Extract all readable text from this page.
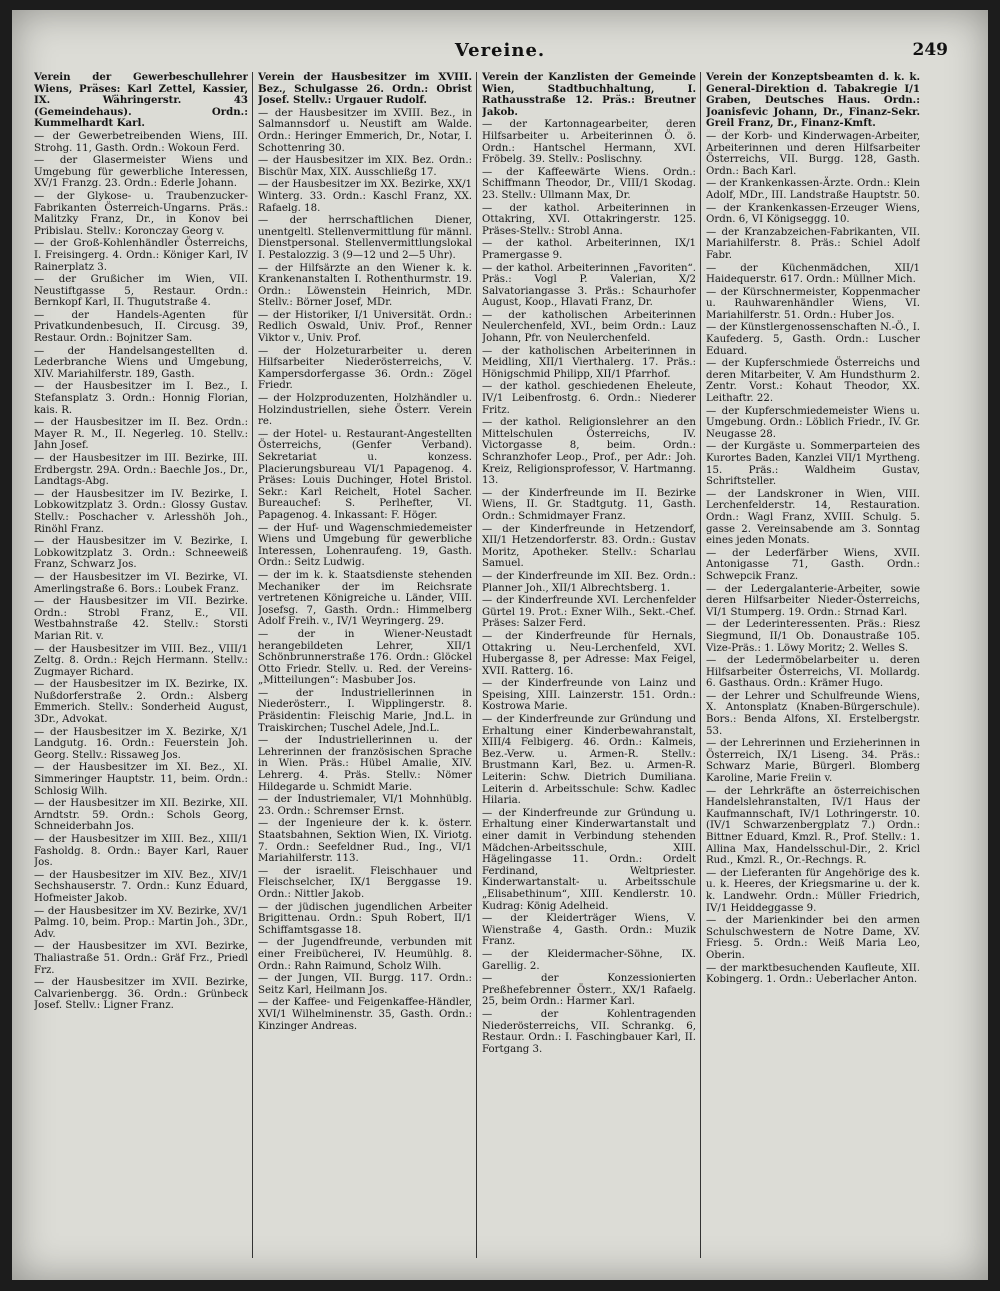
Vereine.	249
Verein der Gewerbeschullehrer Wiens, Präses: Karl Zettel, Kassier, IX. Währingerstr. 43 (Gemeindehaus). Ordn.: Kummelhardt Karl.
— der Gewerbetreibenden Wiens, III. Strohg. 11, Gasth. Ordn.: Wokoun Ferd.
— der Glasermeister Wiens und Umgebung für gewerbliche Interessen, XV/1 Franzg. 23. Ordn.: Ederle Johann.
— der Glykose- u. Traubenzucker-Fabrikanten Österreich-Ungarns. Präs.: Malitzky Franz, Dr., in Konov bei Pribislau. Stellv.: Koronczay Georg v.
— der Groß-Kohlenhändler Österreichs, I. Freisingerg. 4. Ordn.: Königer Karl, IV Rainerplatz 3.
— der Grußicher im Wien, VII. Neustiftgasse 5, Restaur. Ordn.: Bernkopf Karl, II. Thugutstraße 4.
— der Handels-Agenten für Privatkundenbesuch, II. Circusg. 39, Restaur. Ordn.: Bojnitzer Sam.
— der Handelsangestellten d. Lederbranche Wiens und Umgebung, XIV. Mariahilferstr. 189, Gasth.
— der Hausbesitzer im I. Bez., I. Stefansplatz 3. Ordn.: Honnig Florian, kais. R.
— der Hausbesitzer im II. Bez. Ordn.: Mayer R. M., II. Negerleg. 10. Stellv.: Jahn Josef.
— der Hausbesitzer im III. Bezirke, III. Erdbergstr. 29A. Ordn.: Baechle Jos., Dr., Landtags-Abg.
— der Hausbesitzer im IV. Bezirke, I. Lobkowitzplatz 3. Ordn.: Glossy Gustav. Stellv.: Poschacher v. Arlesshöh Joh., Rinöhl Franz.
— der Hausbesitzer im V. Bezirke, I. Lobkowitzplatz 3. Ordn.: Schneeweiß Franz, Schwarz Jos.
— der Hausbesitzer im VI. Bezirke, VI. Amerlingstraße 6. Bors.: Loubek Franz.
— der Hausbesitzer im VII. Bezirke. Ordn.: Strobl Franz, E., VII. Westbahnstraße 42. Stellv.: Storsti Marian Rit. v.
— der Hausbesitzer im VIII. Bez., VIII/1 Zeltg. 8. Ordn.: Rejch Hermann. Stellv.: Zugmayer Richard.
— der Hausbesitzer im IX. Bezirke, IX. Nußdorferstraße 2. Ordn.: Alsberg Emmerich. Stellv.: Sonderheid August, 3Dr., Advokat.
— der Hausbesitzer im X. Bezirke, X/1 Landgutg. 16. Ordn.: Feuerstein Joh. Georg. Stellv.: Rissaweg Jos.
— der Hausbesitzer im XI. Bez., XI. Simmeringer Hauptstr. 11, beim. Ordn.: Schlosig Wilh.
— der Hausbesitzer im XII. Bezirke, XII. Arndtstr. 59. Ordn.: Schols Georg, Schneiderbahn Jos.
— der Hausbesitzer im XIII. Bez., XIII/1 Fasholdg. 8. Ordn.: Bayer Karl, Rauer Jos.
— der Hausbesitzer im XIV. Bez., XIV/1 Sechshauserstr. 7. Ordn.: Kunz Eduard, Hofmeister Jakob.
— der Hausbesitzer im XV. Bezirke, XV/1 Palmg. 10, beim. Prop.: Martin Joh., 3Dr., Adv.
— der Hausbesitzer im XVI. Bezirke, Thaliastraße 51. Ordn.: Gräf Frz., Priedl Frz.
— der Hausbesitzer im XVII. Bezirke, Calvarienbergg. 36. Ordn.: Grünbeck Josef. Stellv.: Ligner Franz.
Verein der Hausbesitzer im XVIII. Bez., Schulgasse 26. Ordn.: Obrist Josef. Stellv.: Urgauer Rudolf.
— der Hausbesitzer im XVIII. Bez., in Salmannsdorf u. Neustift am Walde. Ordn.: Heringer Emmerich, Dr., Notar, I. Schottenring 30.
— der Hausbesitzer im XIX. Bez. Ordn.: Bischür Max, XIX. Ausschließg 17.
— der Hausbesitzer im XX. Bezirke, XX/1 Winterg. 33. Ordn.: Kaschl Franz, XX. Rafaelg. 18.
— der herrschaftlichen Diener, unentgeltl. Stellenvermittlung für männl. Dienstpersonal. Stellenvermittlungslokal I. Pestalozzig. 3 (9—12 und 2—5 Uhr).
— der Hilfsärzte an den Wiener k. k. Krankenanstalten I. Rothenthurmstr. 19. Ordn.: Löwenstein Heinrich, MDr. Stellv.: Börner Josef, MDr.
— der Historiker, I/1 Universität. Ordn.: Redlich Oswald, Univ. Prof., Renner Viktor v., Univ. Prof.
— der Holzeturarbeiter u. deren Hilfsarbeiter Niederösterreichs, V. Kampersdorfergasse 36. Ordn.: Zögel Friedr.
— der Holzproduzenten, Holzhändler u. Holzindustriellen, siehe Österr. Verein re.
— der Hotel- u. Restaurant-Angestellten Österreichs, (Genfer Verband). Sekretariat u. konzess. Placierungsbureau VI/1 Papagenog. 4. Präses: Louis Duchinger, Hotel Bristol. Sekr.: Karl Reichelt, Hotel Sacher. Bureauchef: S. Perlhefter, VI. Papagenog. 4. Inkassant: F. Höger.
— der Huf- und Wagenschmiedemeister Wiens und Umgebung für gewerbliche Interessen, Lohenraufeng. 19, Gasth. Ordn.: Seitz Ludwig.
— der im k. k. Staatsdienste stehenden Mechaniker der im Reichsrate vertretenen Königreiche u. Länder, VIII. Josefsg. 7, Gasth. Ordn.: Himmelberg Adolf Freih. v., IV/1 Weyringerg. 29.
— der in Wiener-Neustadt herangebildeten Lehrer, XII/1 Schönbrunnerstraße 176. Ordn.: Glöckel Otto Friedr. Stellv. u. Red. der Vereins-„Mitteilungen“: Masbuber Jos.
— der Industriellerinnen in Niederösterr., I. Wipplingerstr. 8. Präsidentin: Fleischig Marie, Jnd.L. in Traiskirchen; Tuschel Adele, Jnd.L.
— der Industriellerinnen u. der Lehrerinnen der französischen Sprache in Wien. Präs.: Hübel Amalie, XIV. Lehrerg. 4. Präs. Stellv.: Nömer Hildegarde u. Schmidt Marie.
— der Industriemaler, VI/1 Mohnhüblg. 23. Ordn.: Schremser Ernst.
— der Ingenieure der k. k. österr. Staatsbahnen, Sektion Wien, IX. Viriotg. 7. Ordn.: Seefeldner Rud., Ing., VI/1 Mariahilferstr. 113.
— der israelit. Fleischhauer und Fleischselcher, IX/1 Berggasse 19. Ordn.: Nittler Jakob.
— der jüdischen jugendlichen Arbeiter Brigittenau. Ordn.: Spuh Robert, II/1 Schiffamtsgasse 18.
— der Jugendfreunde, verbunden mit einer Freibücherei, IV. Heumühlg. 8. Ordn.: Rahn Raimund, Scholz Wilh.
— der Jungen, VII. Burgg. 117. Ordn.: Seitz Karl, Heilmann Jos.
— der Kaffee- und Feigenkaffee-Händler, XVI/1 Wilhelminenstr. 35, Gasth. Ordn.: Kinzinger Andreas.
Verein der Kanzlisten der Gemeinde Wien, Stadtbuchhaltung, I. Rathausstraße 12. Präs.: Breutner Jakob.
— der Kartonnagearbeiter, deren Hilfsarbeiter u. Arbeiterinnen Ö. ö. Ordn.: Hantschel Hermann, XVI. Fröbelg. 39. Stellv.: Poslischny.
— der Kaffeewärte Wiens. Ordn.: Schiffmann Theodor, Dr., VIII/1 Skodag. 23. Stellv.: Ullmann Max, Dr.
— der kathol. Arbeiterinnen in Ottakring, XVI. Ottakringerstr. 125. Präses-Stellv.: Strobl Anna.
— der kathol. Arbeiterinnen, IX/1 Pramergasse 9.
— der kathol. Arbeiterinnen „Favoriten“. Präs.: Vogl P. Valerian, X/2 Salvatoriangasse 3. Präs.: Schaurhofer August, Koop., Hlavati Franz, Dr.
— der katholischen Arbeiterinnen Neulerchenfeld, XVI., beim Ordn.: Lauz Johann, Pfr. von Neulerchenfeld.
— der katholischen Arbeiterinnen in Meidling, XII/1 Vierthalerg. 17. Präs.: Hönigschmid Philipp, XII/1 Pfarrhof.
— der kathol. geschiedenen Eheleute, IV/1 Leibenfrostg. 6. Ordn.: Niederer Fritz.
— der kathol. Religionslehrer an den Mittelschulen Österreichs, IV. Victorgasse 8, beim. Ordn.: Schranzhofer Leop., Prof., per Adr.: Joh. Kreiz, Religionsprofessor, V. Hartmanng. 13.
— der Kinderfreunde im II. Bezirke Wiens, II. Gr. Stadtgutg. 11, Gasth. Ordn.: Schmidmayer Franz.
— der Kinderfreunde in Hetzendorf, XII/1 Hetzendorferstr. 83. Ordn.: Gustav Moritz, Apotheker. Stellv.: Scharlau Samuel.
— der Kinderfreunde im XII. Bez. Ordn.: Planner Joh., XII/1 Albrechtsberg. 1.
— der Kinderfreunde XVI. Lerchenfelder Gürtel 19. Prot.: Exner Wilh., Sekt.-Chef. Präses: Salzer Ferd.
— der Kinderfreunde für Hernals, Ottakring u. Neu-Lerchenfeld, XVI. Hubergasse 8, per Adresse: Max Feigel, XVII. Ratterg. 16.
— der Kinderfreunde von Lainz und Speising, XIII. Lainzerstr. 151. Ordn.: Kostrowa Marie.
— der Kinderfreunde zur Gründung und Erhaltung einer Kinderbewahranstalt, XIII/4 Felbigerg. 46. Ordn.: Kalmeis, Bez.-Verw. u. Armen-R. Stellv.: Brustmann Karl, Bez. u. Armen-R. Leiterin: Schw. Dietrich Dumiliana. Leiterin d. Arbeitsschule: Schw. Kadlec Hilaria.
— der Kinderfreunde zur Gründung u. Erhaltung einer Kinderwartanstalt und einer damit in Verbindung stehenden Mädchen-Arbeitsschule, XIII. Hägelingasse 11. Ordn.: Ordelt Ferdinand, Weltpriester. Kinderwartanstalt- u. Arbeitsschule „Elisabethinum“, XIII. Kendlerstr. 10. Kudrag: König Adelheid.
— der Kleiderträger Wiens, V. Wienstraße 4, Gasth. Ordn.: Muzik Franz.
— der Kleidermacher-Söhne, IX. Garellig. 2.
— der Konzessionierten Preßhefebrenner Österr., XX/1 Rafaelg. 25, beim Ordn.: Harmer Karl.
— der Kohlentragenden Niederösterreichs, VII. Schrankg. 6, Restaur. Ordn.: I. Faschingbauer Karl, II. Fortgang 3.
Verein der Konzeptsbeamten d. k. k. General-Direktion d. Tabakregie I/1 Graben, Deutsches Haus. Ordn.: Joanisfevic Johann, Dr., Finanz-Sekr. Greil Franz, Dr., Finanz-Kmft.
— der Korb- und Kinderwagen-Arbeiter, Arbeiterinnen und deren Hilfsarbeiter Österreichs, VII. Burgg. 128, Gasth. Ordn.: Bach Karl.
— der Krankenkassen-Ärzte. Ordn.: Klein Adolf, MDr., III. Landstraße Hauptstr. 50.
— der Krankenkassen-Erzeuger Wiens, Ordn. 6, VI Königseggg. 10.
— der Kranzabzeichen-Fabrikanten, VII. Mariahilferstr. 8. Präs.: Schiel Adolf Fabr.
— der Küchenmädchen, XII/1 Haidequerstr. 617. Ordn.: Müllner Mich.
— der Kürschnermeister, Koppenmacher u. Rauhwarenhändler Wiens, VI. Mariahilferstr. 51. Ordn.: Huber Jos.
— der Künstlergenossenschaften N.-Ö., I. Kaufederg. 5, Gasth. Ordn.: Luscher Eduard.
— der Kupferschmiede Österreichs und deren Mitarbeiter, V. Am Hundsthurm 2. Zentr. Vorst.: Kohaut Theodor, XX. Leithaftr. 22.
— der Kupferschmiedemeister Wiens u. Umgebung. Ordn.: Löblich Friedr., IV. Gr. Neugasse 28.
— der Kurgäste u. Sommerparteien des Kurortes Baden, Kanzlei VII/1 Myrtheng. 15. Präs.: Waldheim Gustav, Schriftsteller.
— der Landskroner in Wien, VIII. Lerchenfelderstr. 14, Restauration. Ordn.: Wagl Franz, XVIII. Schulg. 5. gasse 2. Vereinsabende am 3. Sonntag eines jeden Monats.
— der Lederfärber Wiens, XVII. Antonigasse 71, Gasth. Ordn.: Schwepcik Franz.
— der Ledergalanterie-Arbeiter, sowie deren Hilfsarbeiter Nieder-Österreichs, VI/1 Stumperg. 19. Ordn.: Strnad Karl.
— der Lederinteressenten. Präs.: Riesz Siegmund, II/1 Ob. Donaustraße 105. Vize-Präs.: 1. Löwy Moritz; 2. Welles S.
— der Ledermöbelarbeiter u. deren Hilfsarbeiter Österreichs, VI. Mollardg. 6. Gasthaus. Ordn.: Krämer Hugo.
— der Lehrer und Schulfreunde Wiens, X. Antonsplatz (Knaben-Bürgerschule). Bors.: Benda Alfons, XI. Erstelbergstr. 53.
— der Lehrerinnen und Erzieherinnen in Österreich, IX/1 Liseng. 34. Präs.: Schwarz Marie, Bürgerl. Blomberg Karoline, Marie Freiin v.
— der Lehrkräfte an österreichischen Handelslehranstalten, IV/1 Haus der Kaufmannschaft, IV/1 Lothringerstr. 10. (IV/1 Schwarzenbergplatz 7.) Ordn.: Bittner Eduard, Kmzl. R., Prof. Stellv.: 1. Allina Max, Handelsschul-Dir., 2. Kricl Rud., Kmzl. R., Or.-Rechngs. R.
— der Lieferanten für Angehörige des k. u. k. Heeres, der Kriegsmarine u. der k. k. Landwehr. Ordn.: Müller Friedrich, IV/1 Heiddeggasse 9.
— der Marienkinder bei den armen Schulschwestern de Notre Dame, XV. Friesg. 5. Ordn.: Weiß Maria Leo, Oberin.
— der marktbesuchenden Kaufleute, XII. Kobingerg. 1. Ordn.: Ueberlacher Anton.
